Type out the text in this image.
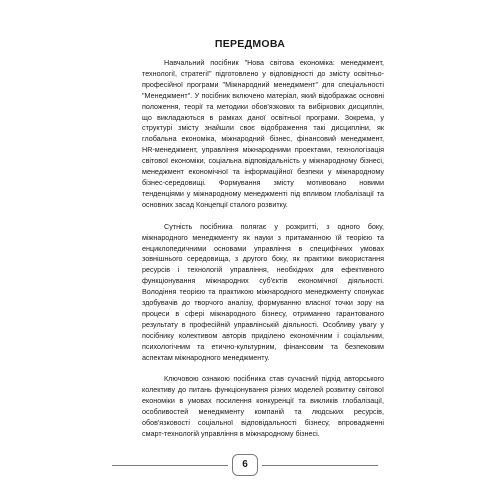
ПЕРЕДМОВА

Навчальний посібник "Нова світова економіка: менеджмент, технології, стратегії" підготовлено у відповідності до змісту освітньо-професійної програми "Міжнародний менеджмент" для спеціальності "Менеджмент". У посібник включено матеріал, який відображає основні положення, теорії та методики обов'язкових та вибіркових дисциплін, що викладаються в рамках даної освітньої програми. Зокрема, у структурі змісту знайшли своє відображення такі дисципліни, як глобальна економіка, міжнародний бізнес, фінансовий менеджмент, HR-менеджмент, управління міжнародними проектами, технологізація світової економіки, соціальна відповідальність у міжнародному бізнесі, менеджмент економічної та інформаційної безпеки у міжнародному бізнес-середовищі. Формування змісту мотивовано новими тенденціями у міжнародному менеджменті під впливом глобалізації та основних засад Концепції сталого розвитку.

Сутність посібника полягає у розкритті, з одного боку, міжнародного менеджменту як науки з притаманною їй теорією та енциклопедичними основами управління в специфічних умовах зовнішнього середовища, з другого боку, як практики використання ресурсів і технологій управління, необхідних для ефективного функціонування міжнародних суб'єктів економічної діяльності. Володіння теорією та практикою міжнародного менеджменту спонукає здобувачів до творчого аналізу, формуванню власної точки зору на процеси в сфері міжнародного бізнесу, отриманню гарантованого результату в професійній управлінській діяльності. Особливу увагу у посібнику колективом авторів приділено економічним і соціальним, психологічним та етично-культурним, фінансовим та безпековим аспектам міжнародного менеджменту.

Ключовою ознакою посібника став сучасний підхід авторського колективу до питань функціонування різних моделей розвитку світової економіки в умовах посилення конкуренції та викликів глобалізації, особливостей менеджменту компаній та людських ресурсів, обов'язковості соціальної відповідальності бізнесу, впровадженні смарт-технологій управління в міжнародному бізнесі.

6
